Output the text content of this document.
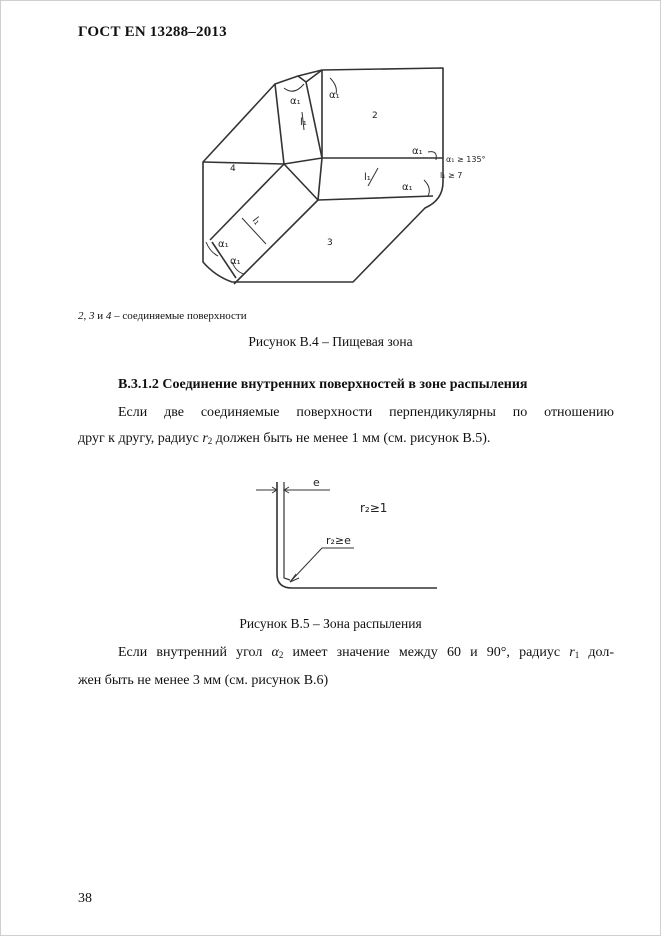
ГОСТ EN 13288–2013
4
2
3
α₁
α₁
α₁
α₁
α₁
α₁
l₁
l₁
l₁
α₁ ≥ 135°
l₁ ≥ 7
2, 3 и 4 – соединяемые поверхности
Рисунок В.4 – Пищевая зона
В.3.1.2 Соединение внутренних поверхностей в зоне распыления
Если две соединяемые поверхности перпендикулярны по отношению
друг к другу, радиус $r_2$ должен быть не менее 1 мм (см. рисунок В.5).
e
r₂≥1
r₂≥e
Рисунок В.5 – Зона распыления
Если внутренний угол $\alpha_2$ имеет значение между 60 и 90°, радиус $r_1$ дол-
жен быть не менее 3 мм (см. рисунок В.6)
38
